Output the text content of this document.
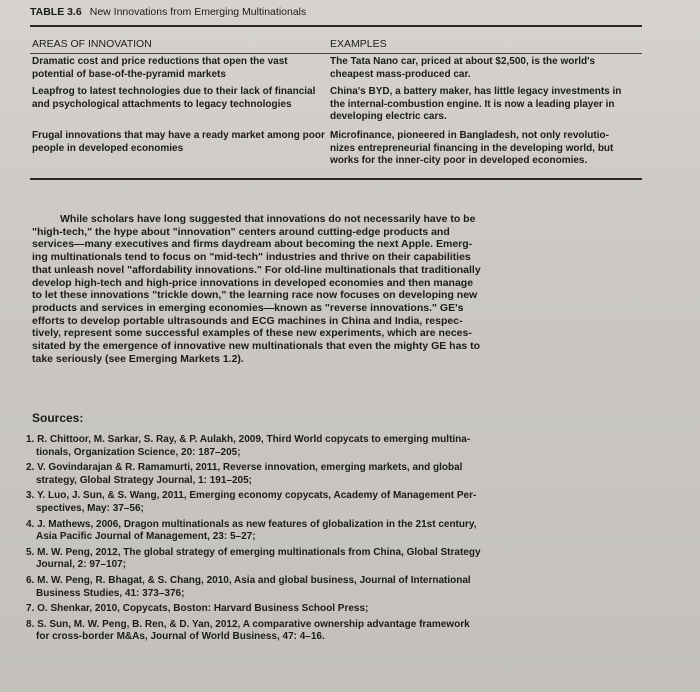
TABLE 3.6 New Innovations from Emerging Multinationals
AREAS OF INNOVATION	EXAMPLES
Dramatic cost and price reductions that open the vast
potential of base-of-the-pyramid markets
The Tata Nano car, priced at about $2,500, is the world's
cheapest mass-produced car.
Leapfrog to latest technologies due to their lack of financial
and psychological attachments to legacy technologies
China's BYD, a battery maker, has little legacy investments in
the internal-combustion engine. It is now a leading player in
developing electric cars.
Frugal innovations that may have a ready market among poor
people in developed economies
Microfinance, pioneered in Bangladesh, not only revolutio-
nizes entrepreneurial financing in the developing world, but
works for the inner-city poor in developed economies.
While scholars have long suggested that innovations do not necessarily have to be
"high-tech," the hype about "innovation" centers around cutting-edge products and
services—many executives and firms daydream about becoming the next Apple. Emerg-
ing multinationals tend to focus on "mid-tech" industries and thrive on their capabilities
that unleash novel "affordability innovations." For old-line multinationals that traditionally
develop high-tech and high-price innovations in developed economies and then manage
to let these innovations "trickle down," the learning race now focuses on developing new
products and services in emerging economies—known as "reverse innovations." GE's
efforts to develop portable ultrasounds and ECG machines in China and India, respec-
tively, represent some successful examples of these new experiments, which are neces-
sitated by the emergence of innovative new multinationals that even the mighty GE has to
take seriously (see Emerging Markets 1.2).
Sources:
1. R. Chittoor, M. Sarkar, S. Ray, & P. Aulakh, 2009, Third World copycats to emerging multina-
tionals, Organization Science, 20: 187–205;
2. V. Govindarajan & R. Ramamurti, 2011, Reverse innovation, emerging markets, and global
strategy, Global Strategy Journal, 1: 191–205;
3. Y. Luo, J. Sun, & S. Wang, 2011, Emerging economy copycats, Academy of Management Per-
spectives, May: 37–56;
4. J. Mathews, 2006, Dragon multinationals as new features of globalization in the 21st century,
Asia Pacific Journal of Management, 23: 5–27;
5. M. W. Peng, 2012, The global strategy of emerging multinationals from China, Global Strategy
Journal, 2: 97–107;
6. M. W. Peng, R. Bhagat, & S. Chang, 2010, Asia and global business, Journal of International
Business Studies, 41: 373–376;
7. O. Shenkar, 2010, Copycats, Boston: Harvard Business School Press;
8. S. Sun, M. W. Peng, B. Ren, & D. Yan, 2012, A comparative ownership advantage framework
for cross-border M&As, Journal of World Business, 47: 4–16.
